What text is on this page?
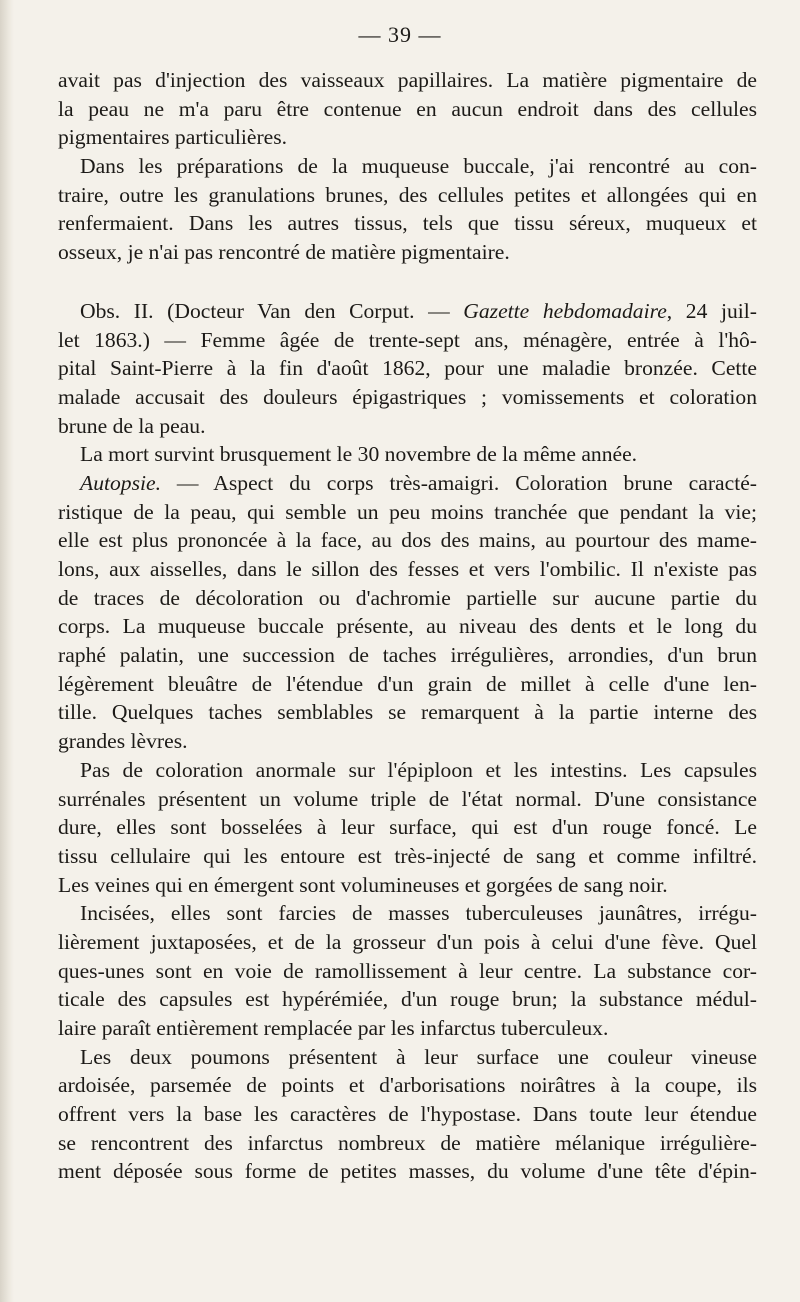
— 39 —
avait pas d'injection des vaisseaux papillaires. La matière pigmentaire de
la peau ne m'a paru être contenue en aucun endroit dans des cellules
pigmentaires particulières.
Dans les préparations de la muqueuse buccale, j'ai rencontré au con-
traire, outre les granulations brunes, des cellules petites et allongées qui en
renfermaient. Dans les autres tissus, tels que tissu séreux, muqueux et
osseux, je n'ai pas rencontré de matière pigmentaire.
Obs. II. (Docteur Van den Corput. — Gazette hebdomadaire, 24 juil-
let 1863.) — Femme âgée de trente-sept ans, ménagère, entrée à l'hô-
pital Saint-Pierre à la fin d'août 1862, pour une maladie bronzée. Cette
malade accusait des douleurs épigastriques ; vomissements et coloration
brune de la peau.
La mort survint brusquement le 30 novembre de la même année.
Autopsie. — Aspect du corps très-amaigri. Coloration brune caracté-
ristique de la peau, qui semble un peu moins tranchée que pendant la vie;
elle est plus prononcée à la face, au dos des mains, au pourtour des mame-
lons, aux aisselles, dans le sillon des fesses et vers l'ombilic. Il n'existe pas
de traces de décoloration ou d'achromie partielle sur aucune partie du
corps. La muqueuse buccale présente, au niveau des dents et le long du
raphé palatin, une succession de taches irrégulières, arrondies, d'un brun
légèrement bleuâtre de l'étendue d'un grain de millet à celle d'une len-
tille. Quelques taches semblables se remarquent à la partie interne des
grandes lèvres.
Pas de coloration anormale sur l'épiploon et les intestins. Les capsules
surrénales présentent un volume triple de l'état normal. D'une consistance
dure, elles sont bosselées à leur surface, qui est d'un rouge foncé. Le
tissu cellulaire qui les entoure est très-injecté de sang et comme infiltré.
Les veines qui en émergent sont volumineuses et gorgées de sang noir.
Incisées, elles sont farcies de masses tuberculeuses jaunâtres, irrégu-
lièrement juxtaposées, et de la grosseur d'un pois à celui d'une fève. Quel
ques-unes sont en voie de ramollissement à leur centre. La substance cor-
ticale des capsules est hypérémiée, d'un rouge brun; la substance médul-
laire paraît entièrement remplacée par les infarctus tuberculeux.
Les deux poumons présentent à leur surface une couleur vineuse
ardoisée, parsemée de points et d'arborisations noirâtres à la coupe, ils
offrent vers la base les caractères de l'hypostase. Dans toute leur étendue
se rencontrent des infarctus nombreux de matière mélanique irrégulière-
ment déposée sous forme de petites masses, du volume d'une tête d'épin-
